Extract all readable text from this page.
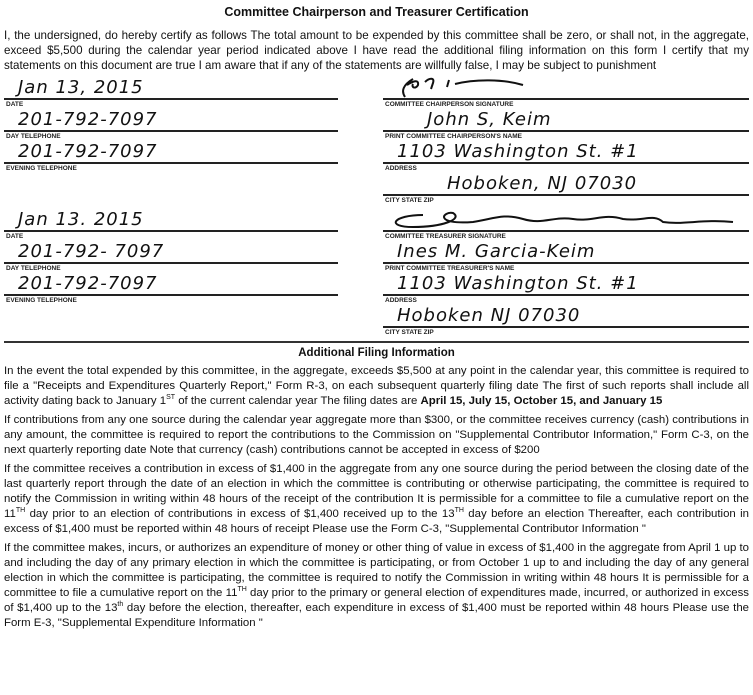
Committee Chairperson and Treasurer Certification
I, the undersigned, do hereby certify as follows The total amount to be expended by this committee shall be zero, or shall not, in the aggregate, exceed $5,500 during the calendar year period indicated above I have read the additional filing information on this form I certify that my statements on this document are true I am aware that if any of the statements are willfully false, I may be subject to punishment
Jan 13, 2015
DATE
201-792-7097
DAY TELEPHONE
201-792-7097
EVENING TELEPHONE
COMMITTEE CHAIRPERSON SIGNATURE
John S, Keim
PRINT COMMITTEE CHAIRPERSON'S NAME
1103 Washington St. #1
ADDRESS
Hoboken, NJ 07030
CITY STATE ZIP
Jan 13. 2015
DATE
201-792- 7097
DAY TELEPHONE
201-792-7097
EVENING TELEPHONE
COMMITTEE TREASURER SIGNATURE
Ines M. Garcia-Keim
PRINT COMMITTEE TREASURER'S NAME
1103 Washington St. #1
ADDRESS
Hoboken NJ 07030
CITY STATE ZIP
Additional Filing Information

In the event the total expended by this committee, in the aggregate, exceeds $5,500 at any point in the calendar year, this committee is required to file a "Receipts and Expenditures Quarterly Report," Form R-3, on each subsequent quarterly filing date The first of such reports shall include all activity dating back to January 1ST of the current calendar year The filing dates are April 15, July 15, October 15, and January 15

If contributions from any one source during the calendar year aggregate more than $300, or the committee receives currency (cash) contributions in any amount, the committee is required to report the contributions to the Commission on "Supplemental Contributor Information," Form C-3, on the next quarterly reporting date Note that currency (cash) contributions cannot be accepted in excess of $200

If the committee receives a contribution in excess of $1,400 in the aggregate from any one source during the period between the closing date of the last quarterly report through the date of an election in which the committee is contributing or otherwise participating, the committee is required to notify the Commission in writing within 48 hours of the receipt of the contribution It is permissible for a committee to file a cumulative report on the 11TH day prior to an election of contributions in excess of $1,400 received up to the 13TH day before an election Thereafter, each contribution in excess of $1,400 must be reported within 48 hours of receipt Please use the Form C-3, "Supplemental Contributor Information "

If the committee makes, incurs, or authorizes an expenditure of money or other thing of value in excess of $1,400 in the aggregate from April 1 up to and including the day of any primary election in which the committee is participating, or from October 1 up to and including the day of any general election in which the committee is participating, the committee is required to notify the Commission in writing within 48 hours It is permissible for a committee to file a cumulative report on the 11TH day prior to the primary or general election of expenditures made, incurred, or authorized in excess of $1,400 up to the 13th day before the election, thereafter, each expenditure in excess of $1,400 must be reported within 48 hours Please use the Form E-3, "Supplemental Expenditure Information "
